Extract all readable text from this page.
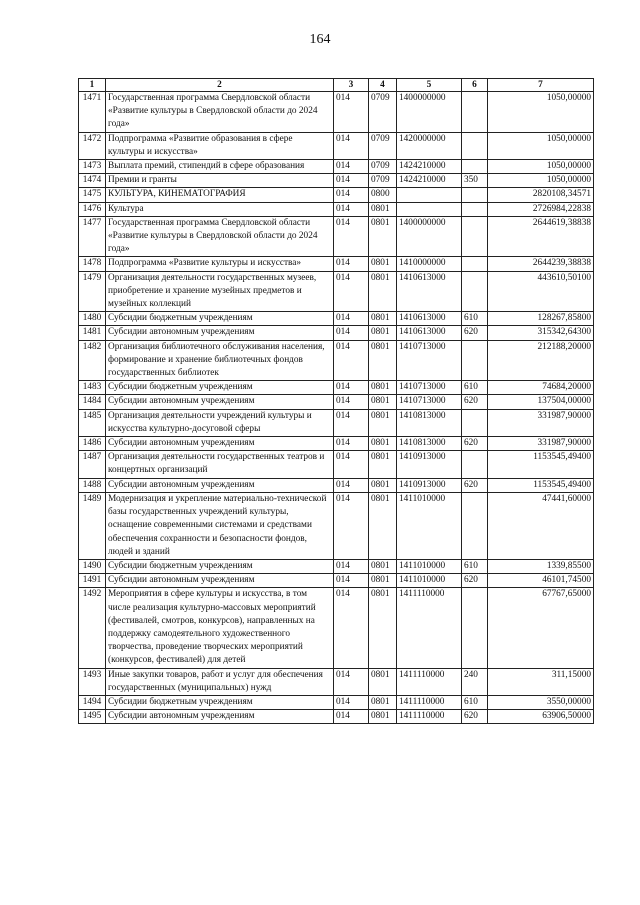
164
1	2	3	4	5	6	7
1471	Государственная программа Свердловской области «Развитие культуры в Свердловской области до 2024 года»	014	0709	1400000000		1050,00000
1472	Подпрограмма «Развитие образования в сфере культуры и искусства»	014	0709	1420000000		1050,00000
1473	Выплата премий, стипендий в сфере образования	014	0709	1424210000		1050,00000
1474	Премии и гранты	014	0709	1424210000	350	1050,00000
1475	КУЛЬТУРА, КИНЕМАТОГРАФИЯ	014	0800			2820108,34571
1476	Культура	014	0801			2726984,22838
1477	Государственная программа Свердловской области «Развитие культуры в Свердловской области до 2024 года»	014	0801	1400000000		2644619,38838
1478	Подпрограмма «Развитие культуры и искусства»	014	0801	1410000000		2644239,38838
1479	Организация деятельности государственных музеев, приобретение и хранение музейных предметов и музейных коллекций	014	0801	1410613000		443610,50100
1480	Субсидии бюджетным учреждениям	014	0801	1410613000	610	128267,85800
1481	Субсидии автономным учреждениям	014	0801	1410613000	620	315342,64300
1482	Организация библиотечного обслуживания населения, формирование и хранение библиотечных фондов государственных библиотек	014	0801	1410713000		212188,20000
1483	Субсидии бюджетным учреждениям	014	0801	1410713000	610	74684,20000
1484	Субсидии автономным учреждениям	014	0801	1410713000	620	137504,00000
1485	Организация деятельности учреждений культуры и искусства культурно-досуговой сферы	014	0801	1410813000		331987,90000
1486	Субсидии автономным учреждениям	014	0801	1410813000	620	331987,90000
1487	Организация деятельности государственных театров и концертных организаций	014	0801	1410913000		1153545,49400
1488	Субсидии автономным учреждениям	014	0801	1410913000	620	1153545,49400
1489	Модернизация и укрепление материально-технической базы государственных учреждений культуры, оснащение современными системами и средствами обеспечения сохранности и безопасности фондов, людей и зданий	014	0801	1411010000		47441,60000
1490	Субсидии бюджетным учреждениям	014	0801	1411010000	610	1339,85500
1491	Субсидии автономным учреждениям	014	0801	1411010000	620	46101,74500
1492	Мероприятия в сфере культуры и искусства, в том числе реализация культурно-массовых мероприятий (фестивалей, смотров, конкурсов), направленных на поддержку самодеятельного художественного творчества, проведение творческих мероприятий (конкурсов, фестивалей) для детей	014	0801	1411110000		67767,65000
1493	Иные закупки товаров, работ и услуг для обеспечения государственных (муниципальных) нужд	014	0801	1411110000	240	311,15000
1494	Субсидии бюджетным учреждениям	014	0801	1411110000	610	3550,00000
1495	Субсидии автономным учреждениям	014	0801	1411110000	620	63906,50000
